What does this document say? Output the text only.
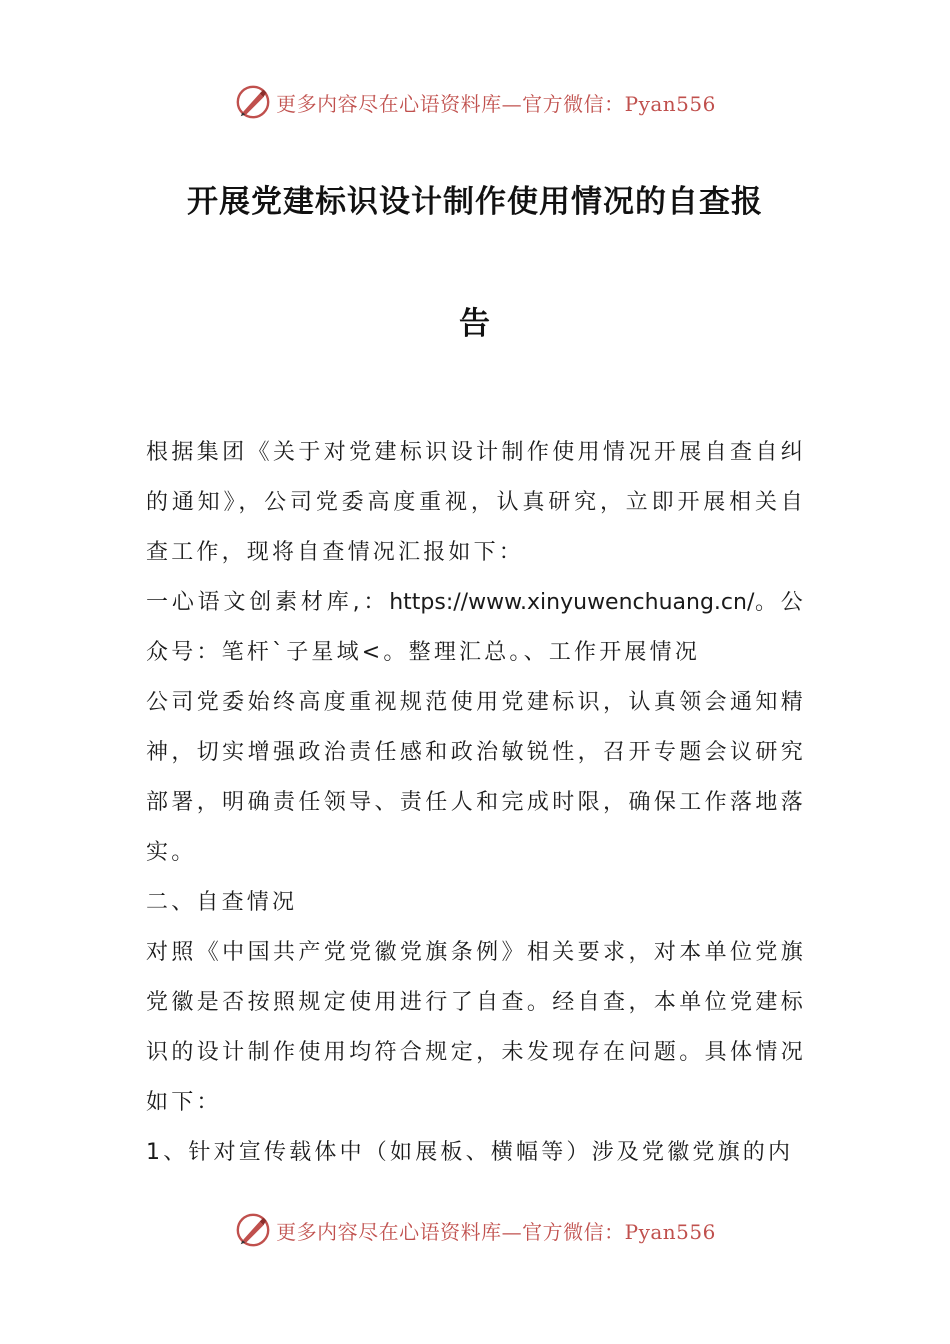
更多内容尽在心语资料库—官方微信：Pyan556
开展党建标识设计制作使用情况的自查报
告

根据集团《关于对党建标识设计制作使用情况开展自查自纠的通知》，公司党委高度重视，认真研究，立即开展相关自查工作，现将自查情况汇报如下：

一心语文创素材库,：https://www.xinyuwenchuang.cn/。公众号：笔杆`子星域<。整理汇总。、工作开展情况

公司党委始终高度重视规范使用党建标识，认真领会通知精神，切实增强政治责任感和政治敏锐性，召开专题会议研究部署，明确责任领导、责任人和完成时限，确保工作落地落实。

二、自查情况

对照《中国共产党党徽党旗条例》相关要求，对本单位党旗党徽是否按照规定使用进行了自查。经自查，本单位党建标识的设计制作使用均符合规定，未发现存在问题。具体情况如下：

1、针对宣传载体中（如展板、横幅等）涉及党徽党旗的内

更多内容尽在心语资料库—官方微信：Pyan556
